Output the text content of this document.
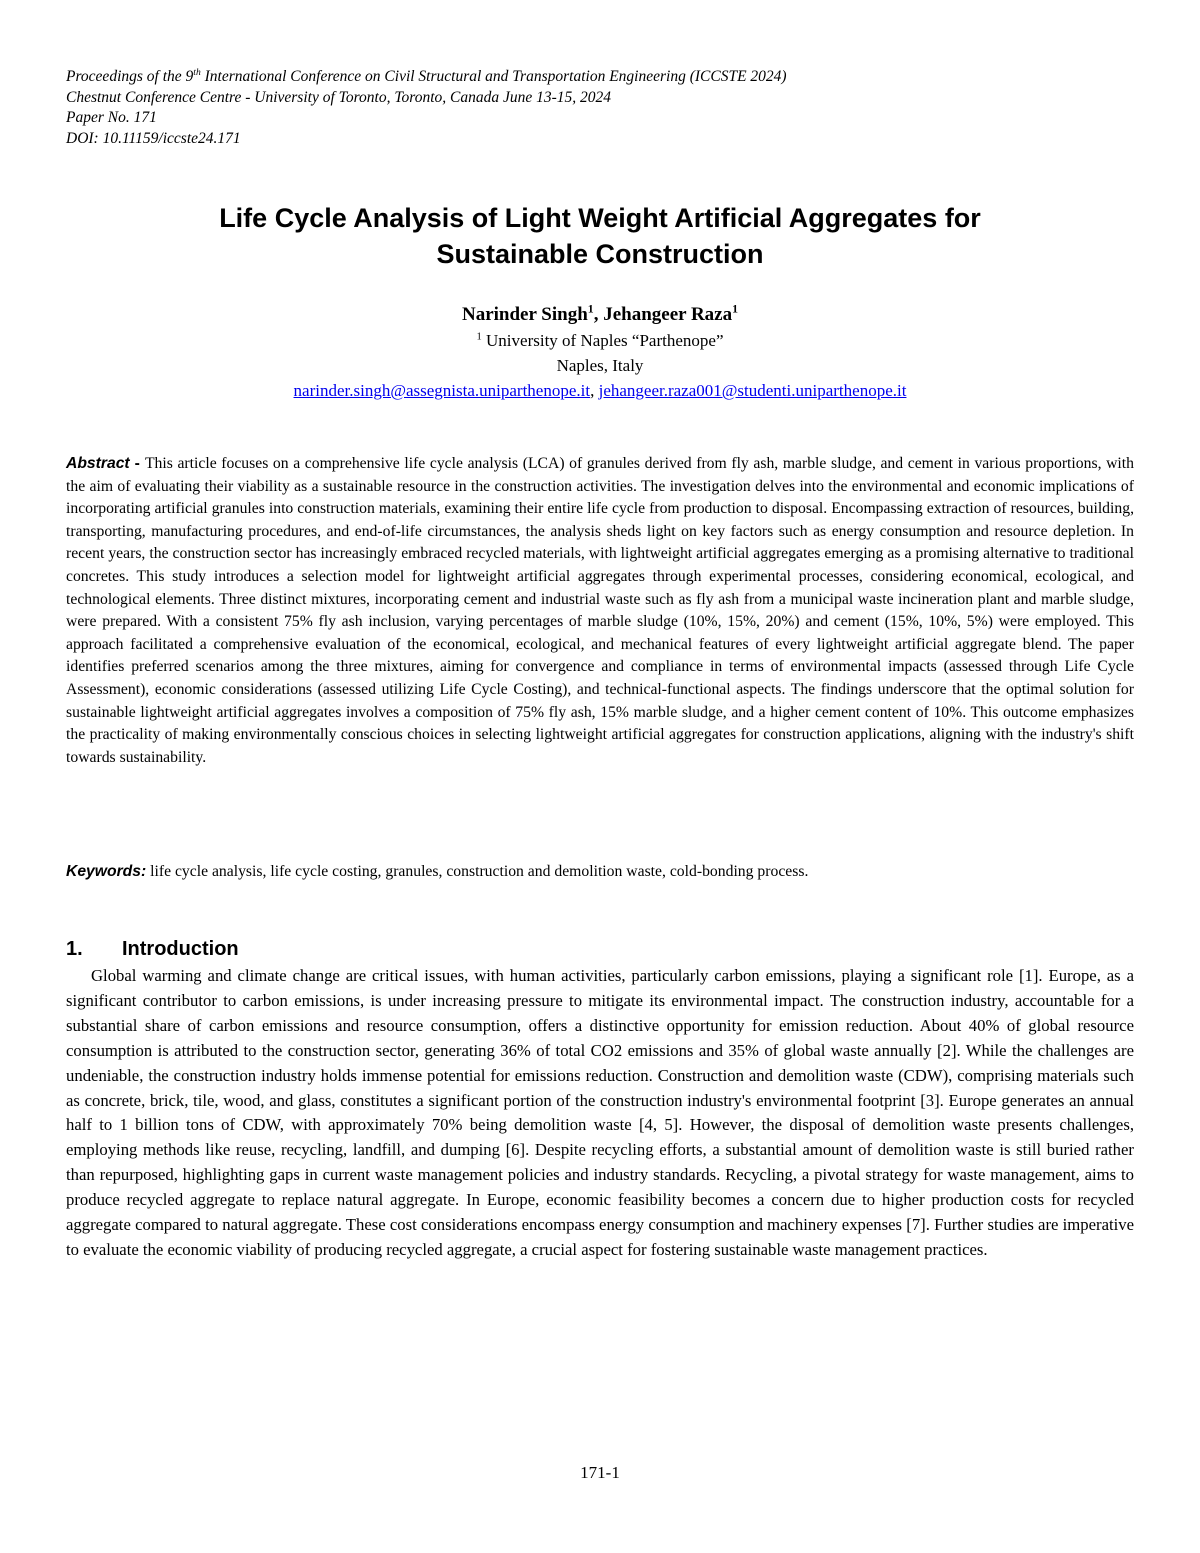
Proceedings of the 9th International Conference on Civil Structural and Transportation Engineering (ICCSTE 2024)
Chestnut Conference Centre - University of Toronto, Toronto, Canada June 13-15, 2024
Paper No. 171
DOI: 10.11159/iccste24.171
Life Cycle Analysis of Light Weight Artificial Aggregates for
Sustainable Construction
Narinder Singh$^1$, Jehangeer Raza$^1$
$^1$ University of Naples “Parthenope”
Naples, Italy
narinder.singh@assegnista.uniparthenope.it, jehangeer.raza001@studenti.uniparthenope.it
Abstract - This article focuses on a comprehensive life cycle analysis (LCA) of granules derived from fly ash, marble sludge, and cement in various proportions, with the aim of evaluating their viability as a sustainable resource in the construction activities. The investigation delves into the environmental and economic implications of incorporating artificial granules into construction materials, examining their entire life cycle from production to disposal. Encompassing extraction of resources, building, transporting, manufacturing procedures, and end-of-life circumstances, the analysis sheds light on key factors such as energy consumption and resource depletion. In recent years, the construction sector has increasingly embraced recycled materials, with lightweight artificial aggregates emerging as a promising alternative to traditional concretes. This study introduces a selection model for lightweight artificial aggregates through experimental processes, considering economical, ecological, and technological elements. Three distinct mixtures, incorporating cement and industrial waste such as fly ash from a municipal waste incineration plant and marble sludge, were prepared. With a consistent 75% fly ash inclusion, varying percentages of marble sludge (10%, 15%, 20%) and cement (15%, 10%, 5%) were employed. This approach facilitated a comprehensive evaluation of the economical, ecological, and mechanical features of every lightweight artificial aggregate blend. The paper identifies preferred scenarios among the three mixtures, aiming for convergence and compliance in terms of environmental impacts (assessed through Life Cycle Assessment), economic considerations (assessed utilizing Life Cycle Costing), and technical-functional aspects. The findings underscore that the optimal solution for sustainable lightweight artificial aggregates involves a composition of 75% fly ash, 15% marble sludge, and a higher cement content of 10%. This outcome emphasizes the practicality of making environmentally conscious choices in selecting lightweight artificial aggregates for construction applications, aligning with the industry's shift towards sustainability.
Keywords: life cycle analysis, life cycle costing, granules, construction and demolition waste, cold-bonding process.
1. Introduction
Global warming and climate change are critical issues, with human activities, particularly carbon emissions, playing a significant role [1]. Europe, as a significant contributor to carbon emissions, is under increasing pressure to mitigate its environmental impact. The construction industry, accountable for a substantial share of carbon emissions and resource consumption, offers a distinctive opportunity for emission reduction. About 40% of global resource consumption is attributed to the construction sector, generating 36% of total CO2 emissions and 35% of global waste annually [2]. While the challenges are undeniable, the construction industry holds immense potential for emissions reduction. Construction and demolition waste (CDW), comprising materials such as concrete, brick, tile, wood, and glass, constitutes a significant portion of the construction industry's environmental footprint [3]. Europe generates an annual half to 1 billion tons of CDW, with approximately 70% being demolition waste [4, 5]. However, the disposal of demolition waste presents challenges, employing methods like reuse, recycling, landfill, and dumping [6]. Despite recycling efforts, a substantial amount of demolition waste is still buried rather than repurposed, highlighting gaps in current waste management policies and industry standards. Recycling, a pivotal strategy for waste management, aims to produce recycled aggregate to replace natural aggregate. In Europe, economic feasibility becomes a concern due to higher production costs for recycled aggregate compared to natural aggregate. These cost considerations encompass energy consumption and machinery expenses [7]. Further studies are imperative to evaluate the economic viability of producing recycled aggregate, a crucial aspect for fostering sustainable waste management practices.
171-1
